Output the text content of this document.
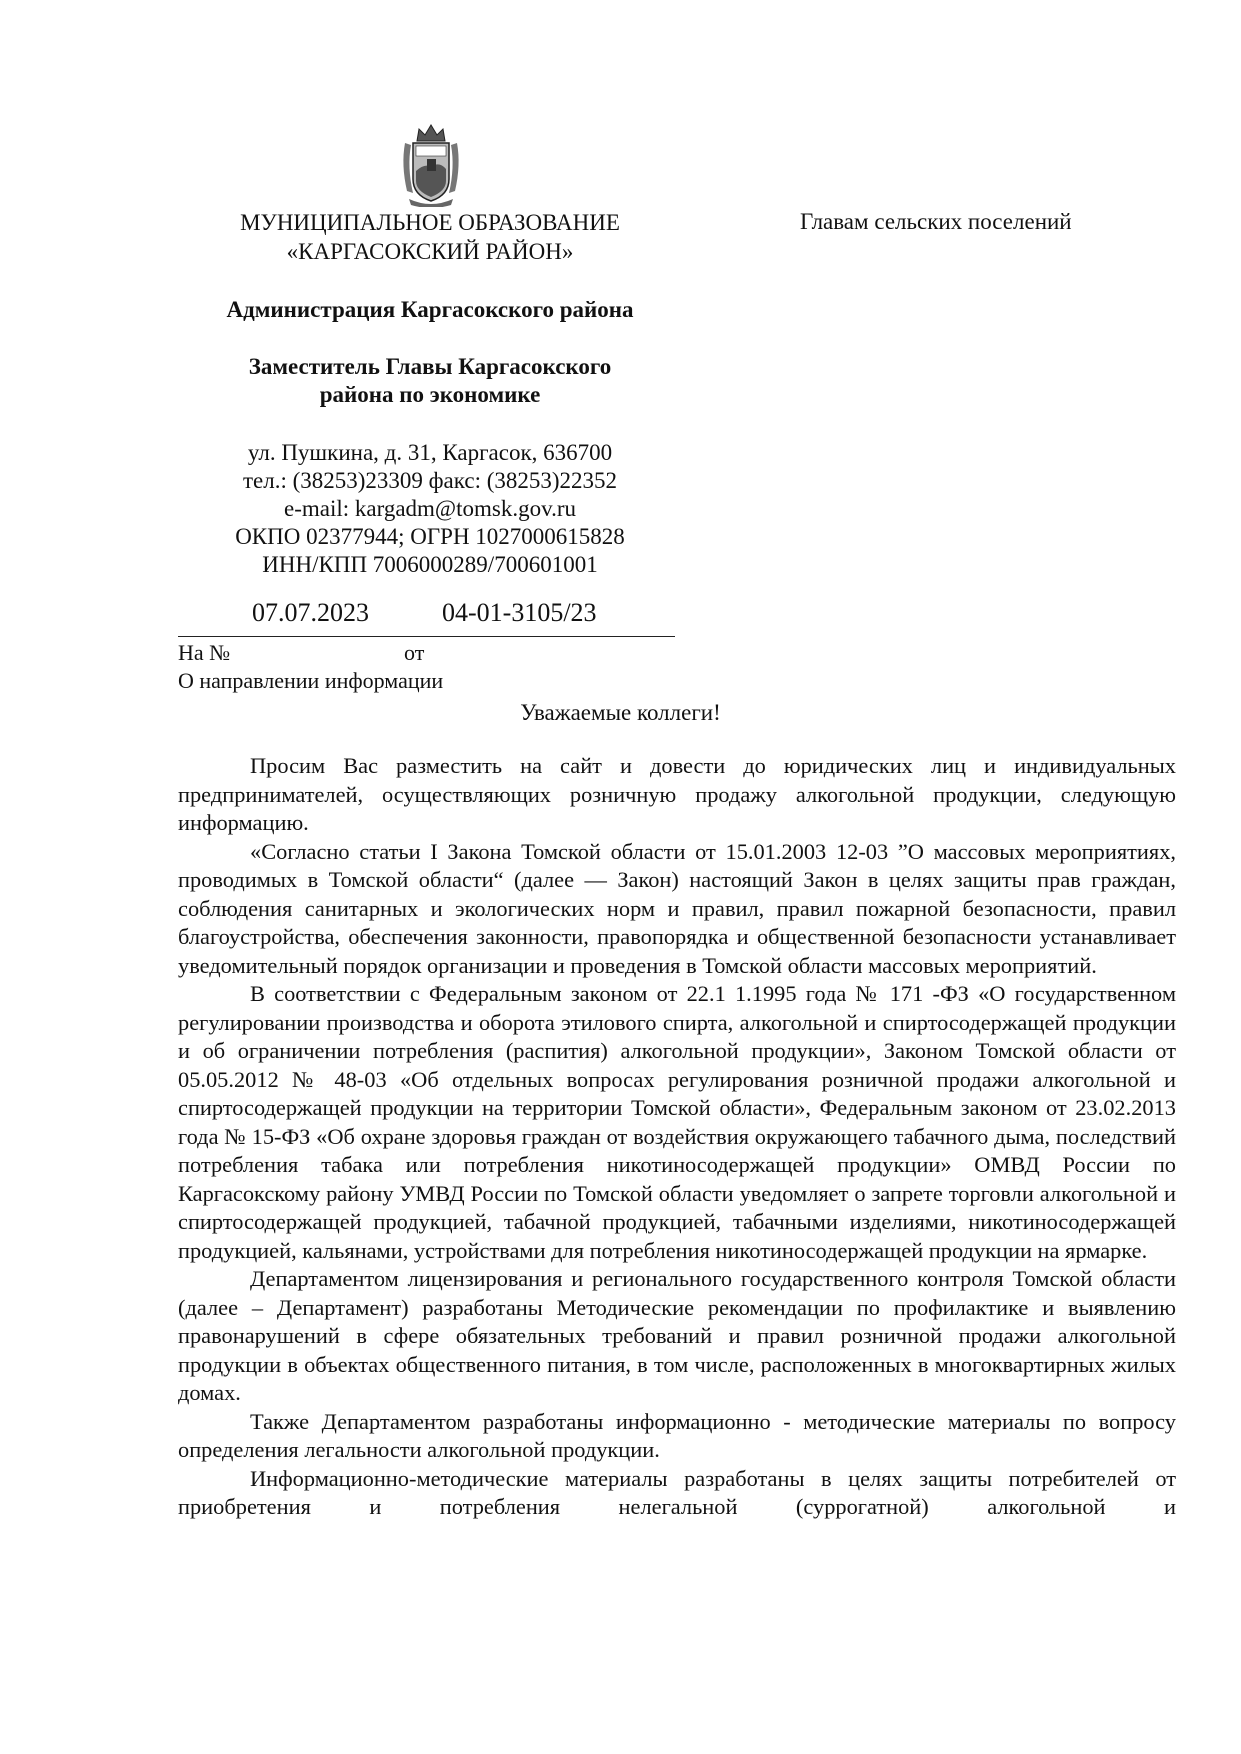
МУНИЦИПАЛЬНОЕ ОБРАЗОВАНИЕ
«КАРГАСОКСКИЙ РАЙОН»
Администрация Каргасокского района
Заместитель Главы Каргасокского
района по экономике
ул. Пушкина, д. 31, Каргасок, 636700
тел.: (38253)23309 факс: (38253)22352
e-mail: kargadm@tomsk.gov.ru
ОКПО 02377944; ОГРН 1027000615828
ИНН/КПП 7006000289/700601001
Главам сельских поселений
07.07.2023	04-01-3105/23
На №	от
О направлении информации
Уважаемые коллеги!

Просим Вас разместить на сайт и довести до юридических лиц и индивидуальных предпринимателей, осуществляющих розничную продажу алкогольной продукции, следующую информацию.

«Согласно статьи I Закона Томской области от 15.01.2003 12-03 ”О массовых мероприятиях, проводимых в Томской области“ (далее — Закон) настоящий Закон в целях защиты прав граждан, соблюдения санитарных и экологических норм и правил, правил пожарной безопасности, правил благоустройства, обеспечения законности, правопорядка и общественной безопасности устанавливает уведомительный порядок организации и проведения в Томской области массовых мероприятий.

В соответствии с Федеральным законом от 22.1 1.1995 года № 171 -ФЗ «О государственном регулировании производства и оборота этилового спирта, алкогольной и спиртосодержащей продукции и об ограничении потребления (распития) алкогольной продукции», Законом Томской области от 05.05.2012 № 48-03 «Об отдельных вопросах регулирования розничной продажи алкогольной и спиртосодержащей продукции на территории Томской области», Федеральным законом от 23.02.2013 года № 15-ФЗ «Об охране здоровья граждан от воздействия окружающего табачного дыма, последствий потребления табака или потребления никотиносодержащей продукции» ОМВД России по Каргасокскому району УМВД России по Томской области уведомляет о запрете торговли алкогольной и спиртосодержащей продукцией, табачной продукцией, табачными изделиями, никотиносодержащей продукцией, кальянами, устройствами для потребления никотиносодержащей продукции на ярмарке.

Департаментом лицензирования и регионального государственного контроля Томской области (далее – Департамент) разработаны Методические рекомендации по профилактике и выявлению правонарушений в сфере обязательных требований и правил розничной продажи алкогольной продукции в объектах общественного питания, в том числе, расположенных в многоквартирных жилых домах.

Также Департаментом разработаны информационно - методические материалы по вопросу определения легальности алкогольной продукции.

Информационно-методические материалы разработаны в целях защиты потребителей от приобретения и потребления нелегальной (суррогатной) алкогольной и
